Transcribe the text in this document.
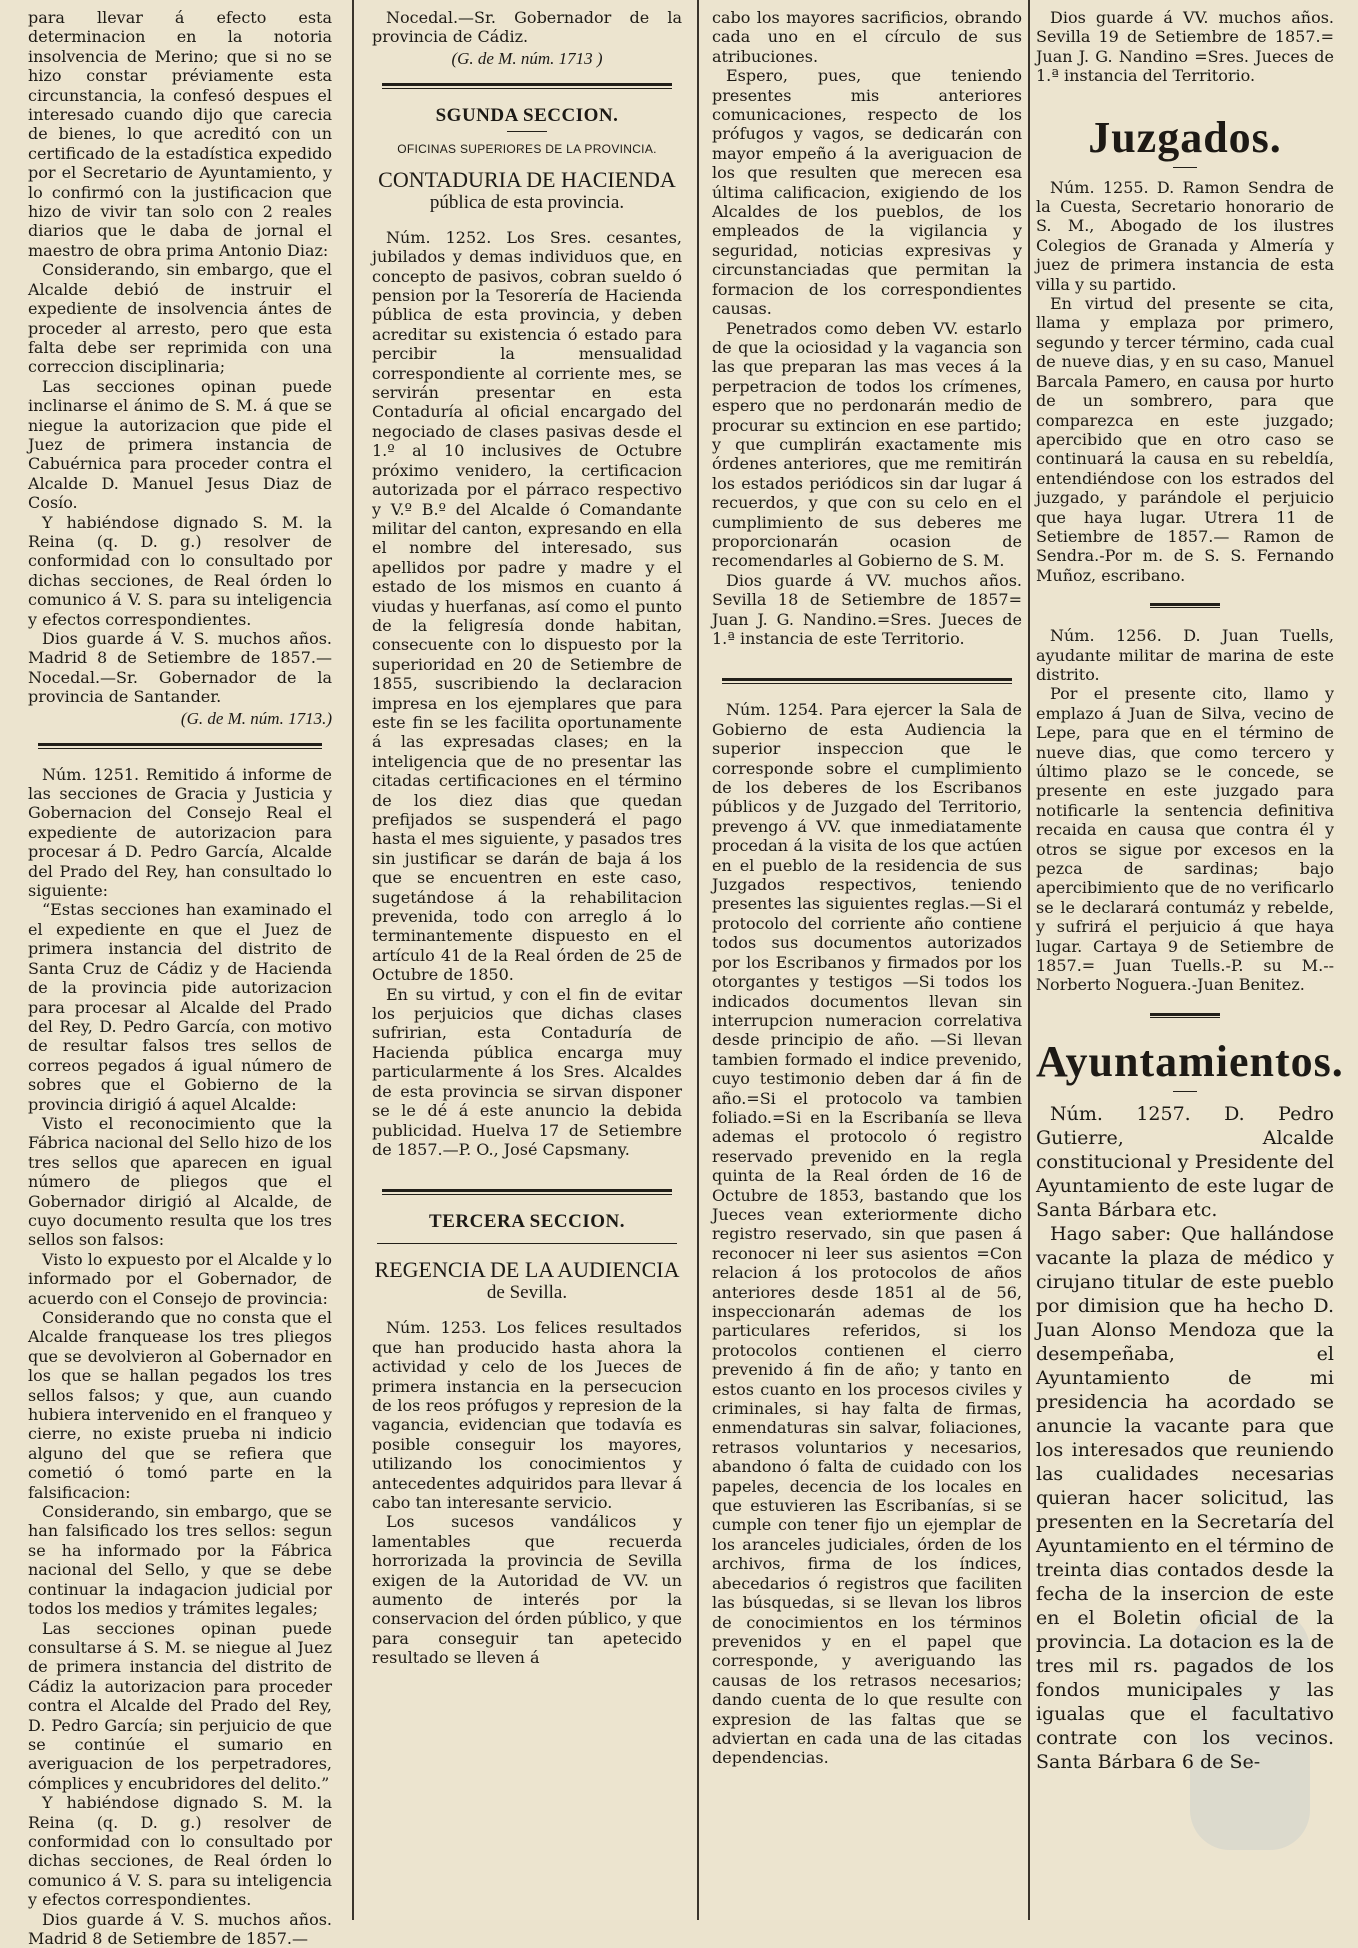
para llevar á efecto esta determinacion en la notoria insolvencia de Merino; que si no se hizo constar préviamente esta circunstancia, la confesó despues el interesado cuando dijo que carecia de bienes, lo que acreditó con un certificado de la estadística expedido por el Secretario de Ayuntamiento, y lo confirmó con la justificacion que hizo de vivir tan solo con 2 reales diarios que le daba de jornal el maestro de obra prima Antonio Diaz:

Considerando, sin embargo, que el Alcalde debió de instruir el expediente de insolvencia ántes de proceder al arresto, pero que esta falta debe ser reprimida con una correccion disciplinaria;

Las secciones opinan puede inclinarse el ánimo de S. M. á que se niegue la autorizacion que pide el Juez de primera instancia de Cabuérnica para proceder contra el Alcalde D. Manuel Jesus Diaz de Cosío.

Y habiéndose dignado S. M. la Reina (q. D. g.) resolver de conformidad con lo consultado por dichas secciones, de Real órden lo comunico á V. S. para su inteligencia y efectos correspondientes.

Dios guarde á V. S. muchos años. Madrid 8 de Setiembre de 1857.— Nocedal.—Sr. Gobernador de la provincia de Santander.

(G. de M. núm. 1713.)

Núm. 1251. Remitido á informe de las secciones de Gracia y Justicia y Gobernacion del Consejo Real el expediente de autorizacion para procesar á D. Pedro García, Alcalde del Prado del Rey, han consultado lo siguiente:

“Estas secciones han examinado el el expediente en que el Juez de primera instancia del distrito de Santa Cruz de Cádiz y de Hacienda de la provincia pide autorizacion para procesar al Alcalde del Prado del Rey, D. Pedro García, con motivo de resultar falsos tres sellos de correos pegados á igual número de sobres que el Gobierno de la provincia dirigió á aquel Alcalde:

Visto el reconocimiento que la Fábrica nacional del Sello hizo de los tres sellos que aparecen en igual número de pliegos que el Gobernador dirigió al Alcalde, de cuyo documento resulta que los tres sellos son falsos:

Visto lo expuesto por el Alcalde y lo informado por el Gobernador, de acuerdo con el Consejo de provincia:

Considerando que no consta que el Alcalde franquease los tres pliegos que se devolvieron al Gobernador en los que se hallan pegados los tres sellos falsos; y que, aun cuando hubiera intervenido en el franqueo y cierre, no existe prueba ni indicio alguno del que se refiera que cometió ó tomó parte en la falsificacion:

Considerando, sin embargo, que se han falsificado los tres sellos: segun se ha informado por la Fábrica nacional del Sello, y que se debe continuar la indagacion judicial por todos los medios y trámites legales;

Las secciones opinan puede consultarse á S. M. se niegue al Juez de primera instancia del distrito de Cádiz la autorizacion para proceder contra el Alcalde del Prado del Rey, D. Pedro García; sin perjuicio de que se continúe el sumario en averiguacion de los perpetradores, cómplices y encubridores del delito.”

Y habiéndose dignado S. M. la Reina (q. D. g.) resolver de conformidad con lo consultado por dichas secciones, de Real órden lo comunico á V. S. para su inteligencia y efectos correspondientes.

Dios guarde á V. S. muchos años. Madrid 8 de Setiembre de 1857.—

Nocedal.—Sr. Gobernador de la provincia de Cádiz.

(G. de M. núm. 1713 )

SGUNDA SECCION.
OFICINAS SUPERIORES DE LA PROVINCIA.

CONTADURIA DE HACIENDA

pública de esta provincia.

Núm. 1252. Los Sres. cesantes, jubilados y demas individuos que, en concepto de pasivos, cobran sueldo ó pension por la Tesorería de Hacienda pública de esta provincia, y deben acreditar su existencia ó estado para percibir la mensualidad correspondiente al corriente mes, se servirán presentar en esta Contaduría al oficial encargado del negociado de clases pasivas desde el 1.º al 10 inclusives de Octubre próximo venidero, la certificacion autorizada por el párraco respectivo y V.º B.º del Alcalde ó Comandante militar del canton, expresando en ella el nombre del interesado, sus apellidos por padre y madre y el estado de los mismos en cuanto á viudas y huerfanas, así como el punto de la feligresía donde habitan, consecuente con lo dispuesto por la superioridad en 20 de Setiembre de 1855, suscribiendo la declaracion impresa en los ejemplares que para este fin se les facilita oportunamente á las expresadas clases; en la inteligencia que de no presentar las citadas certificaciones en el término de los diez dias que quedan prefijados se suspenderá el pago hasta el mes siguiente, y pasados tres sin justificar se darán de baja á los que se encuentren en este caso, sugetándose á la rehabilitacion prevenida, todo con arreglo á lo terminantemente dispuesto en el artículo 41 de la Real órden de 25 de Octubre de 1850.

En su virtud, y con el fin de evitar los perjuicios que dichas clases sufririan, esta Contaduría de Hacienda pública encarga muy particularmente á los Sres. Alcaldes de esta provincia se sirvan disponer se le dé á este anuncio la debida publicidad. Huelva 17 de Setiembre de 1857.—P. O., José Capsmany.

TERCERA SECCION.

REGENCIA DE LA AUDIENCIA

de Sevilla.

Núm. 1253. Los felices resultados que han producido hasta ahora la actividad y celo de los Jueces de primera instancia en la persecucion de los reos prófugos y represion de la vagancia, evidencian que todavía es posible conseguir los mayores, utilizando los conocimientos y antecedentes adquiridos para llevar á cabo tan interesante servicio.

Los sucesos vandálicos y lamentables que recuerda horrorizada la provincia de Sevilla exigen de la Autoridad de VV. un aumento de interés por la conservacion del órden público, y que para conseguir tan apetecido resultado se lleven á

cabo los mayores sacrificios, obrando cada uno en el círculo de sus atribuciones.

Espero, pues, que teniendo presentes mis anteriores comunicaciones, respecto de los prófugos y vagos, se dedicarán con mayor empeño á la averiguacion de los que resulten que merecen esa última calificacion, exigiendo de los Alcaldes de los pueblos, de los empleados de la vigilancia y seguridad, noticias expresivas y circunstanciadas que permitan la formacion de los correspondientes causas.

Penetrados como deben VV. estarlo de que la ociosidad y la vagancia son las que preparan las mas veces á la perpetracion de todos los crímenes, espero que no perdonarán medio de procurar su extincion en ese partido; y que cumplirán exactamente mis órdenes anteriores, que me remitirán los estados periódicos sin dar lugar á recuerdos, y que con su celo en el cumplimiento de sus deberes me proporcionarán ocasion de recomendarles al Gobierno de S. M.

Dios guarde á VV. muchos años. Sevilla 18 de Setiembre de 1857= Juan J. G. Nandino.=Sres. Jueces de 1.ª instancia de este Territorio.

Núm. 1254. Para ejercer la Sala de Gobierno de esta Audiencia la superior inspeccion que le corresponde sobre el cumplimiento de los deberes de los Escribanos públicos y de Juzgado del Territorio, prevengo á VV. que inmediatamente procedan á la visita de los que actúen en el pueblo de la residencia de sus Juzgados respectivos, teniendo presentes las siguientes reglas.—Si el protocolo del corriente año contiene todos sus documentos autorizados por los Escribanos y firmados por los otorgantes y testigos —Si todos los indicados documentos llevan sin interrupcion numeracion correlativa desde principio de año. —Si llevan tambien formado el indice prevenido, cuyo testimonio deben dar á fin de año.=Si el protocolo va tambien foliado.=Si en la Escribanía se lleva ademas el protocolo ó registro reservado prevenido en la regla quinta de la Real órden de 16 de Octubre de 1853, bastando que los Jueces vean exteriormente dicho registro reservado, sin que pasen á reconocer ni leer sus asientos =Con relacion á los protocolos de años anteriores desde 1851 al de 56, inspeccionarán ademas de los particulares referidos, si los protocolos contienen el cierro prevenido á fin de año; y tanto en estos cuanto en los procesos civiles y criminales, si hay falta de firmas, enmendaturas sin salvar, foliaciones, retrasos voluntarios y necesarios, abandono ó falta de cuidado con los papeles, decencia de los locales en que estuvieren las Escribanías, si se cumple con tener fijo un ejemplar de los aranceles judiciales, órden de los archivos, firma de los índices, abecedarios ó registros que faciliten las búsquedas, si se llevan los libros de conocimientos en los términos prevenidos y en el papel que corresponde, y averiguando las causas de los retrasos necesarios; dando cuenta de lo que resulte con expresion de las faltas que se adviertan en cada una de las citadas dependencias.

Dios guarde á VV. muchos años. Sevilla 19 de Setiembre de 1857.= Juan J. G. Nandino =Sres. Jueces de 1.ª instancia del Territorio.

Juzgados.

Núm. 1255. D. Ramon Sendra de la Cuesta, Secretario honorario de S. M., Abogado de los ilustres Colegios de Granada y Almería y juez de primera instancia de esta villa y su partido.

En virtud del presente se cita, llama y emplaza por primero, segundo y tercer término, cada cual de nueve dias, y en su caso, Manuel Barcala Pamero, en causa por hurto de un sombrero, para que comparezca en este juzgado; apercibido que en otro caso se continuará la causa en su rebeldía, entendiéndose con los estrados del juzgado, y parándole el perjuicio que haya lugar. Utrera 11 de Setiembre de 1857.— Ramon de Sendra.-Por m. de S. S. Fernando Muñoz, escribano.

Núm. 1256. D. Juan Tuells, ayudante militar de marina de este distrito.

Por el presente cito, llamo y emplazo á Juan de Silva, vecino de Lepe, para que en el término de nueve dias, que como tercero y último plazo se le concede, se presente en este juzgado para notificarle la sentencia definitiva recaida en causa que contra él y otros se sigue por excesos en la pezca de sardinas; bajo apercibimiento que de no verificarlo se le declarará contumáz y rebelde, y sufrirá el perjuicio á que haya lugar. Cartaya 9 de Setiembre de 1857.= Juan Tuells.-P. su M.--Norberto Noguera.-Juan Benitez.

Ayuntamientos.

Núm. 1257. D. Pedro Gutierre, Alcalde constitucional y Presidente del Ayuntamiento de este lugar de Santa Bárbara etc.

Hago saber: Que hallándose vacante la plaza de médico y cirujano titular de este pueblo por dimision que ha hecho D. Juan Alonso Mendoza que la desempeñaba, el Ayuntamiento de mi presidencia ha acordado se anuncie la vacante para que los interesados que reuniendo las cualidades necesarias quieran hacer solicitud, las presenten en la Secretaría del Ayuntamiento en el término de treinta dias contados desde la fecha de la insercion de este en el Boletin oficial de la provincia. La dotacion es la de tres mil rs. pagados de los fondos municipales y las igualas que el facultativo contrate con los vecinos. Santa Bárbara 6 de Se-
